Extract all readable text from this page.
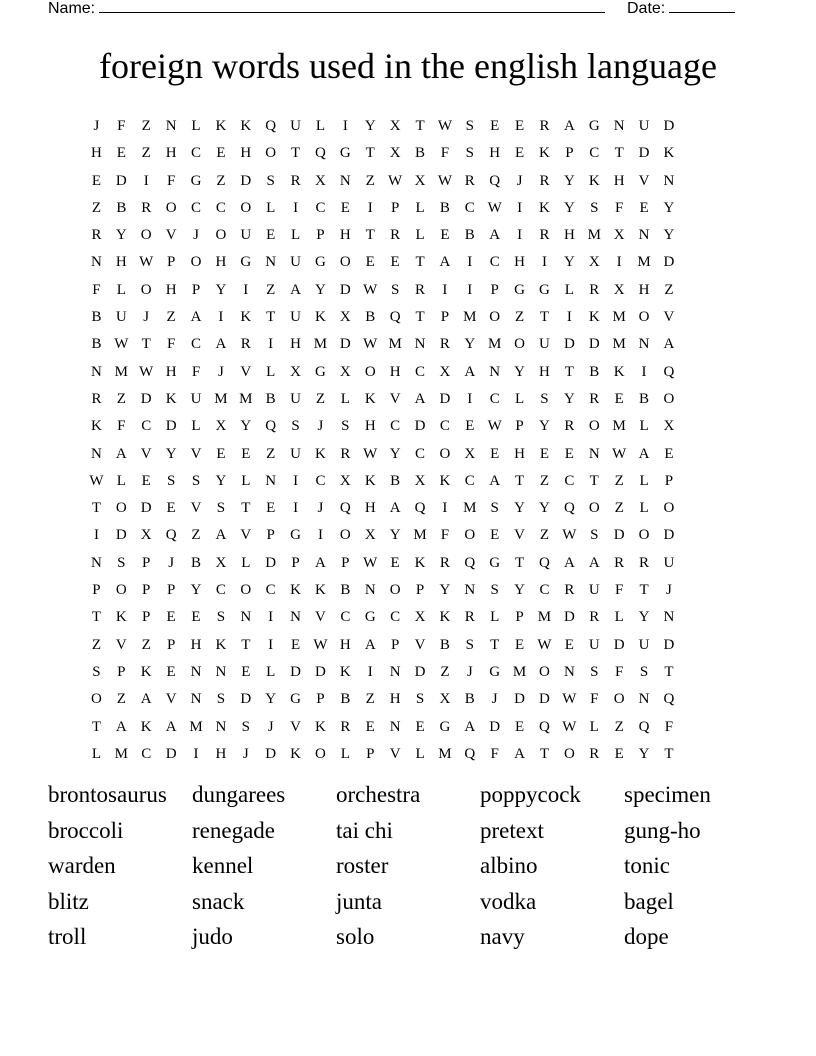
Name:	Date:
foreign words used in the english language
J	F	Z N L K K Q U L	I	Y X T W S	E	E	R A G N U D
H E	Z H C	E H O T Q G T X B	F	S	H E K	P	C	T D K
E D	I	F	G Z D	S	R X N Z W X W R Q	J	R Y K H V N
Z	B R O C C O L	I	C	E	I	P	L	B C W	I	K Y	S	F	E Y
R Y O V	J	O U E	L	P	H T	R	L	E	B A	I	R H M X N Y
N H W P	O H G N U G O E	E	T A	I	C H	I	Y X	I	M D
F	L O H	P	Y	I	Z A Y D W S	R	I	I	P	G G L	R X H Z
B U	J	Z A	I	K T U K X B Q T	P M O Z	T	I	K M O V
B W T	F	C A R	I	H M D W M N R Y M O U D D M N A
N M W H	F	J	V L X G X O H C X A N Y H T	B K	I	Q
R	Z D K U M M B U Z	L K V A D	I	C	L	S	Y R	E	B O
K	F	C D L X Y Q	S	J	S	H C D C	E W P	Y R O M L X
N A V Y V E	E	Z U K R W Y C O X E H E	E N W A E
W L	E	S	S	Y L N	I	C X K B X K C A T	Z	C	T	Z	L	P
T O D E V	S	T	E	I	J	Q H A Q	I	M S	Y Y Q O Z	L O
I	D X Q Z A V	P	G	I	O X Y M F	O E V Z W S	D O D
N	S	P	J	B X L D	P	A	P W E K R Q G T Q A A R R U
P	O	P	P	Y C O C K K B N O	P	Y N	S	Y C R U	F	T	J
T K	P	E	E	S	N	I	N V C G C X K R	L	P M D R	L Y N
Z V Z	P	H K T	I	E W H A	P	V B	S	T	E W E U D U D
S	P	K E N N E	L D D K	I	N D Z	J	G M O N	S	F	S	T
O Z A V N	S	D Y G	P	B	Z H	S	X B	J	D D W F	O N Q
T A K A M N	S	J	V K R	E N E G A D E Q W L	Z Q	F
L M C D	I	H	J	D K O L	P	V L M Q	F	A T O R	E Y T
brontosaurus	dungarees	orchestra	poppycock	specimen
broccoli	renegade	tai chi	pretext	gung-ho
warden	kennel	roster	albino	tonic
blitz	snack	junta	vodka	bagel
troll	judo	solo	navy	dope
